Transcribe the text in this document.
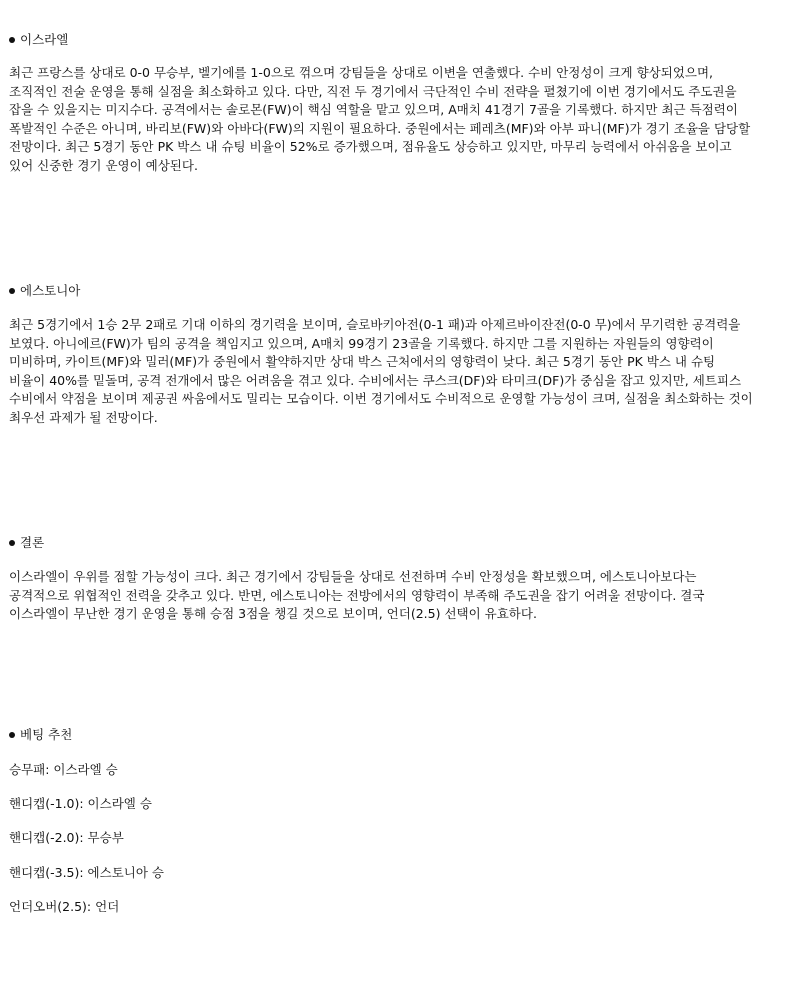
이스라엘

최근 프랑스를 상대로 0-0 무승부, 벨기에를 1-0으로 꺾으며 강팀들을 상대로 이변을 연출했다. 수비 안정성이 크게 향상되었으며, 조직적인 전술 운영을 통해 실점을 최소화하고 있다. 다만, 직전 두 경기에서 극단적인 수비 전략을 펼쳤기에 이번 경기에서도 주도권을 잡을 수 있을지는 미지수다. 공격에서는 솔로몬(FW)이 핵심 역할을 맡고 있으며, A매치 41경기 7골을 기록했다. 하지만 최근 득점력이 폭발적인 수준은 아니며, 바리보(FW)와 아바다(FW)의 지원이 필요하다. 중원에서는 페레츠(MF)와 아부 파니(MF)가 경기 조율을 담당할 전망이다. 최근 5경기 동안 PK 박스 내 슈팅 비율이 52%로 증가했으며, 점유율도 상승하고 있지만, 마무리 능력에서 아쉬움을 보이고 있어 신중한 경기 운영이 예상된다.

에스토니아

최근 5경기에서 1승 2무 2패로 기대 이하의 경기력을 보이며, 슬로바키아전(0-1 패)과 아제르바이잔전(0-0 무)에서 무기력한 공격력을 보였다. 아니에르(FW)가 팀의 공격을 책임지고 있으며, A매치 99경기 23골을 기록했다. 하지만 그를 지원하는 자원들의 영향력이 미비하며, 카이트(MF)와 밀러(MF)가 중원에서 활약하지만 상대 박스 근처에서의 영향력이 낮다. 최근 5경기 동안 PK 박스 내 슈팅 비율이 40%를 밑돌며, 공격 전개에서 많은 어려움을 겪고 있다. 수비에서는 쿠스크(DF)와 타미크(DF)가 중심을 잡고 있지만, 세트피스 수비에서 약점을 보이며 제공권 싸움에서도 밀리는 모습이다. 이번 경기에서도 수비적으로 운영할 가능성이 크며, 실점을 최소화하는 것이 최우선 과제가 될 전망이다.

결론

이스라엘이 우위를 점할 가능성이 크다. 최근 경기에서 강팀들을 상대로 선전하며 수비 안정성을 확보했으며, 에스토니아보다는 공격적으로 위협적인 전력을 갖추고 있다. 반면, 에스토니아는 전방에서의 영향력이 부족해 주도권을 잡기 어려울 전망이다. 결국 이스라엘이 무난한 경기 운영을 통해 승점 3점을 챙길 것으로 보이며, 언더(2.5) 선택이 유효하다.

베팅 추천

승무패: 이스라엘 승

핸디캡(-1.0): 이스라엘 승

핸디캡(-2.0): 무승부

핸디캡(-3.5): 에스토니아 승

언더오버(2.5): 언더
